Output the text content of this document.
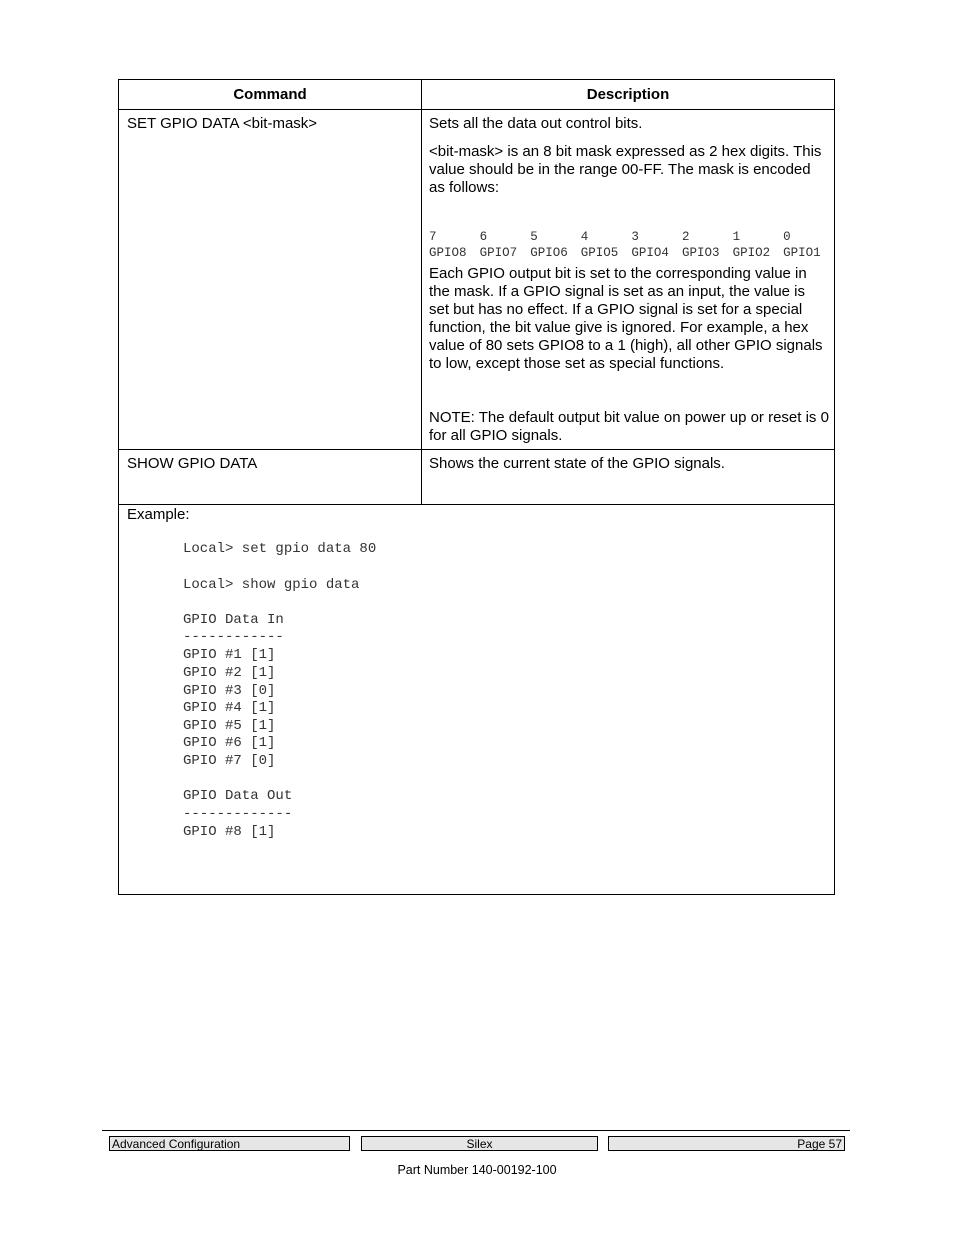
Command	Description
SET GPIO DATA <bit-mask>	Sets all the data out control bits.
<bit-mask> is an 8 bit mask expressed as 2 hex digits. This value should be in the range 00-FF. The mask is encoded as follows:

7	6	5	4	3	2	1	0

GPIO8	GPIO7	GPIO6	GPIO5	GPIO4	GPIO3	GPIO2	GPIO1

Each GPIO output bit is set to the corresponding value in the mask. If a GPIO signal is set as an input, the value is set but has no effect. If a GPIO signal is set for a special function, the bit value give is ignored. For example, a hex value of 80 sets GPIO8 to a 1 (high), all other GPIO signals to low, except those set as special functions.
NOTE: The default output bit value on power up or reset is 0 for all GPIO signals.
SHOW GPIO DATA	Shows the current state of the GPIO signals.
Example:
Local> set gpio data 80
Local> show gpio data
GPIO Data In
------------
GPIO #1 [1]
GPIO #2 [1]
GPIO #3 [0]
GPIO #4 [1]
GPIO #5 [1]
GPIO #6 [1]
GPIO #7 [0]
GPIO Data Out
-------------
GPIO #8 [1]
Advanced Configuration	Silex	Page 57
Part Number 140-00192-100
